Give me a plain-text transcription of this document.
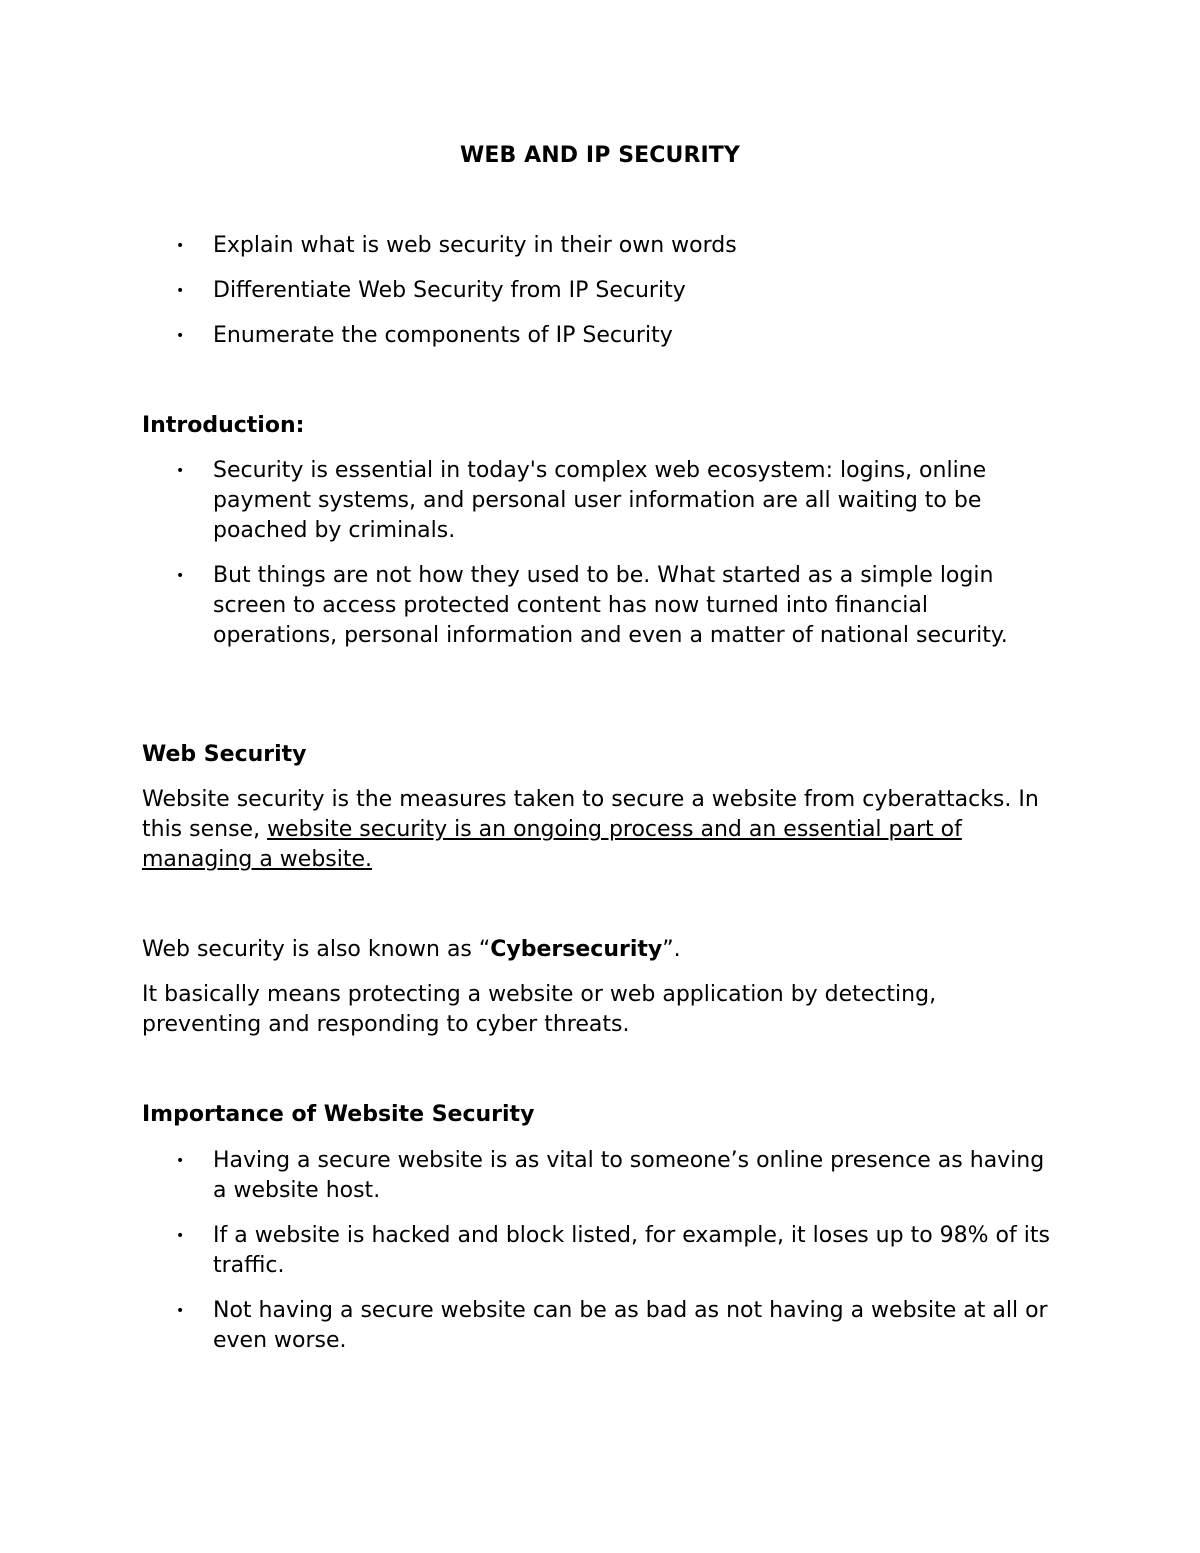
WEB AND IP SECURITY
• Explain what is web security in their own words
• Differentiate Web Security from IP Security
• Enumerate the components of IP Security
Introduction:
• Security is essential in today's complex web ecosystem: logins, online payment systems, and personal user information are all waiting to be poached by criminals.
• But things are not how they used to be. What started as a simple login screen to access protected content has now turned into financial operations, personal information and even a matter of national security.
Web Security
Website security is the measures taken to secure a website from cyberattacks. In this sense, website security is an ongoing process and an essential part of managing a website.
Web security is also known as “Cybersecurity”.
It basically means protecting a website or web application by detecting, preventing and responding to cyber threats.
Importance of Website Security
• Having a secure website is as vital to someone’s online presence as having a website host.
• If a website is hacked and block listed, for example, it loses up to 98% of its traffic.
• Not having a secure website can be as bad as not having a website at all or even worse.
